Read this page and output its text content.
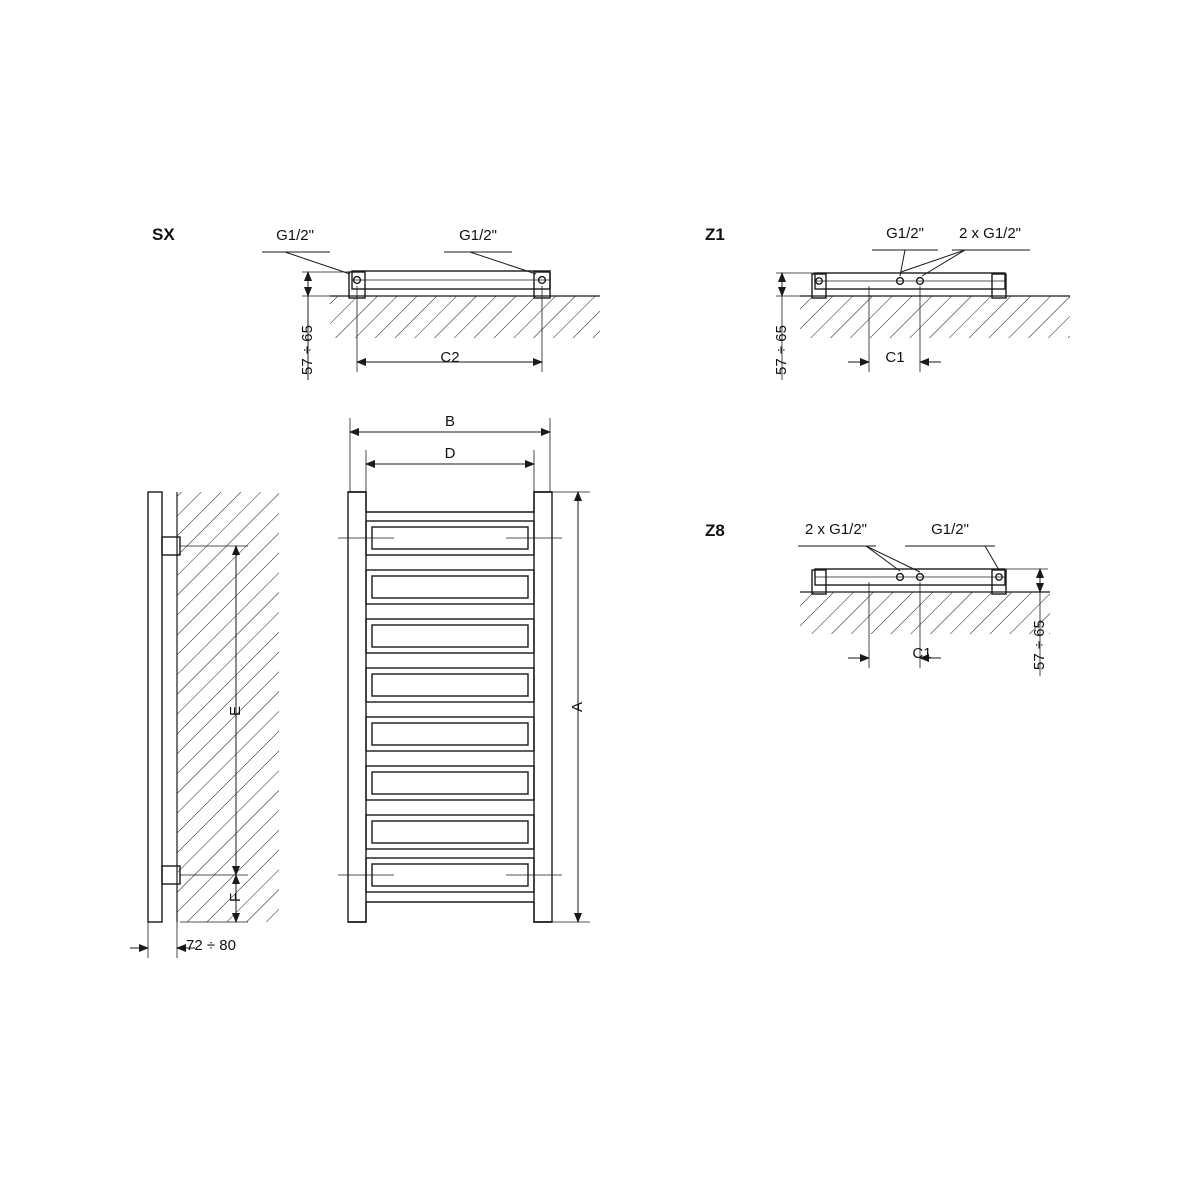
SX	G1/2"	G1/2"
C2
57 ÷ 65
Z1	G1/2" 2 x G1/2"
C1
57 ÷ 65
Z8	2 x G1/2"	G1/2"
C1	57 ÷ 65
E
F
72 ÷ 80
B
D
A
